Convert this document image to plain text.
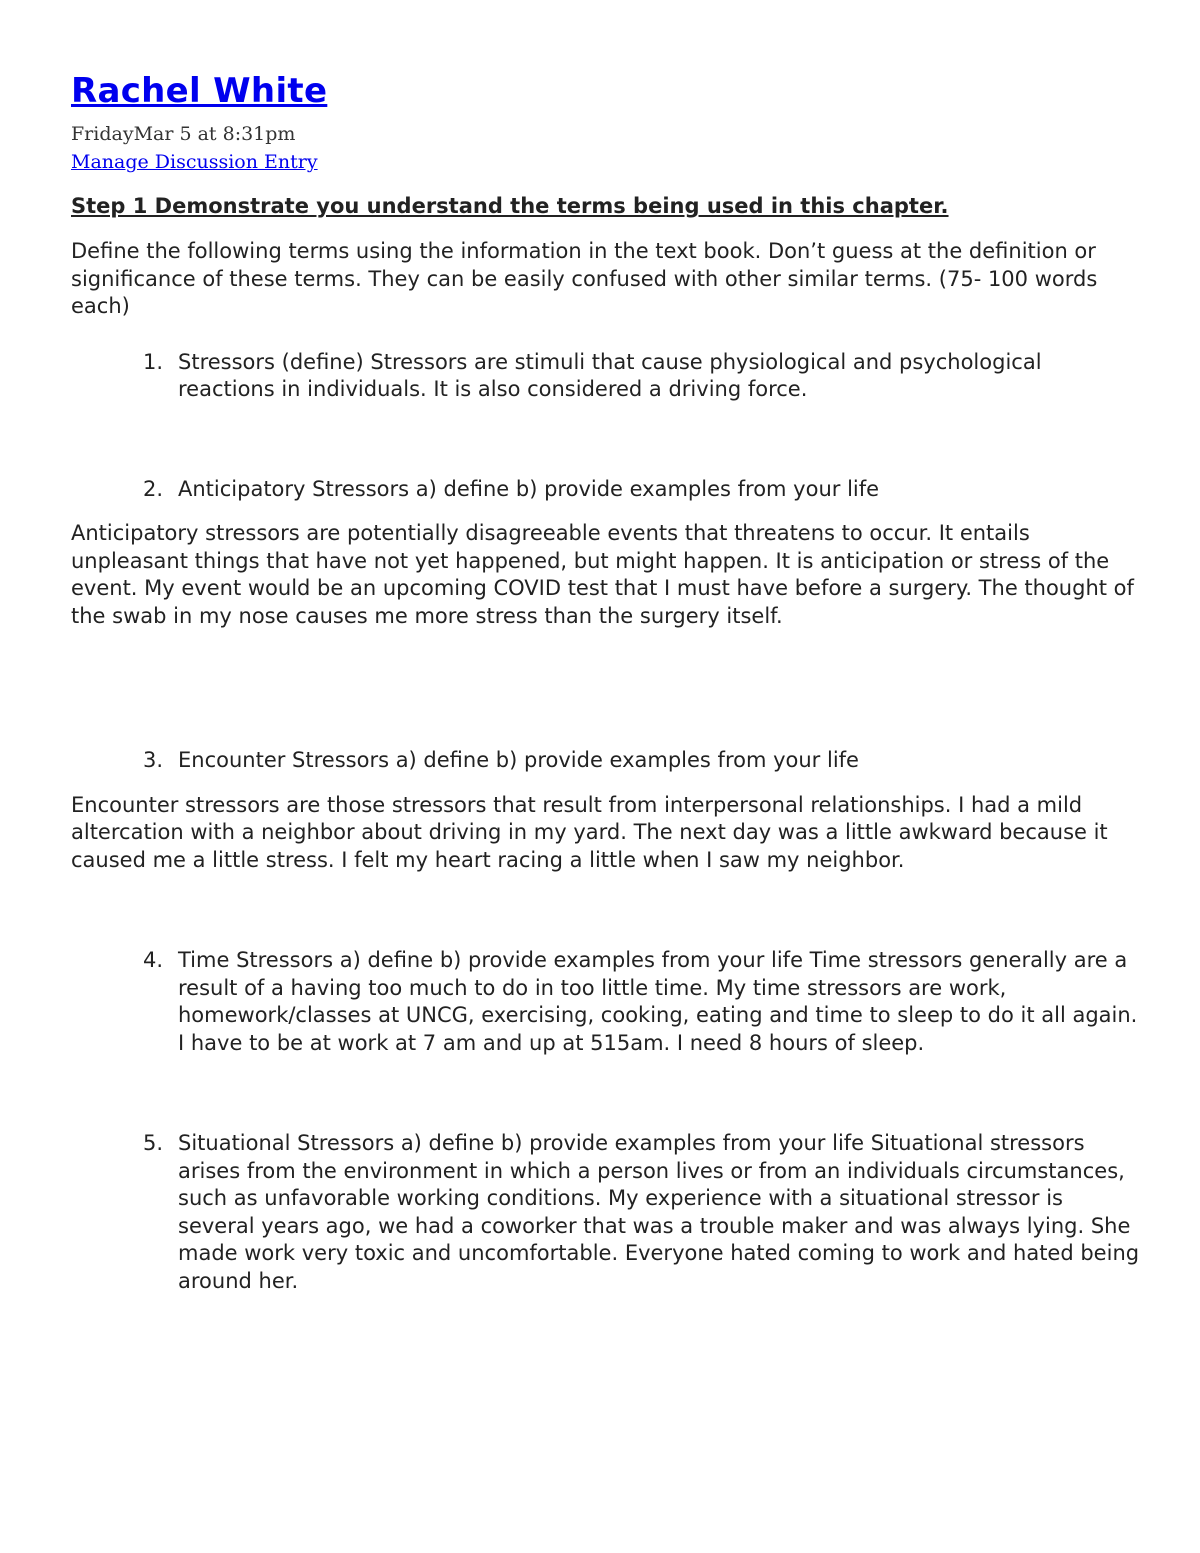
Rachel White
FridayMar 5 at 8:31pm
Manage Discussion Entry
Step 1 Demonstrate you understand the terms being used in this chapter.

Define the following terms using the information in the text book. Don’t guess at the definition or significance of these terms. They can be easily confused with other similar terms. (75- 100 words each)

1. Stressors (define) Stressors are stimuli that cause physiological and psychological reactions in individuals. It is also considered a driving force.
2. Anticipatory Stressors a) define b) provide examples from your life

Anticipatory stressors are potentially disagreeable events that threatens to occur. It entails unpleasant things that have not yet happened, but might happen. It is anticipation or stress of the event. My event would be an upcoming COVID test that I must have before a surgery. The thought of the swab in my nose causes me more stress than the surgery itself.

3. Encounter Stressors a) define b) provide examples from your life

Encounter stressors are those stressors that result from interpersonal relationships. I had a mild altercation with a neighbor about driving in my yard. The next day was a little awkward because it caused me a little stress. I felt my heart racing a little when I saw my neighbor.

4. Time Stressors a) define b) provide examples from your life Time stressors generally are a result of a having too much to do in too little time. My time stressors are work, homework/classes at UNCG, exercising, cooking, eating and time to sleep to do it all again. I have to be at work at 7 am and up at 515am. I need 8 hours of sleep.
5. Situational Stressors a) define b) provide examples from your life Situational stressors arises from the environment in which a person lives or from an individuals circumstances, such as unfavorable working conditions. My experience with a situational stressor is several years ago, we had a coworker that was a trouble maker and was always lying. She made work very toxic and uncomfortable. Everyone hated coming to work and hated being around her.
